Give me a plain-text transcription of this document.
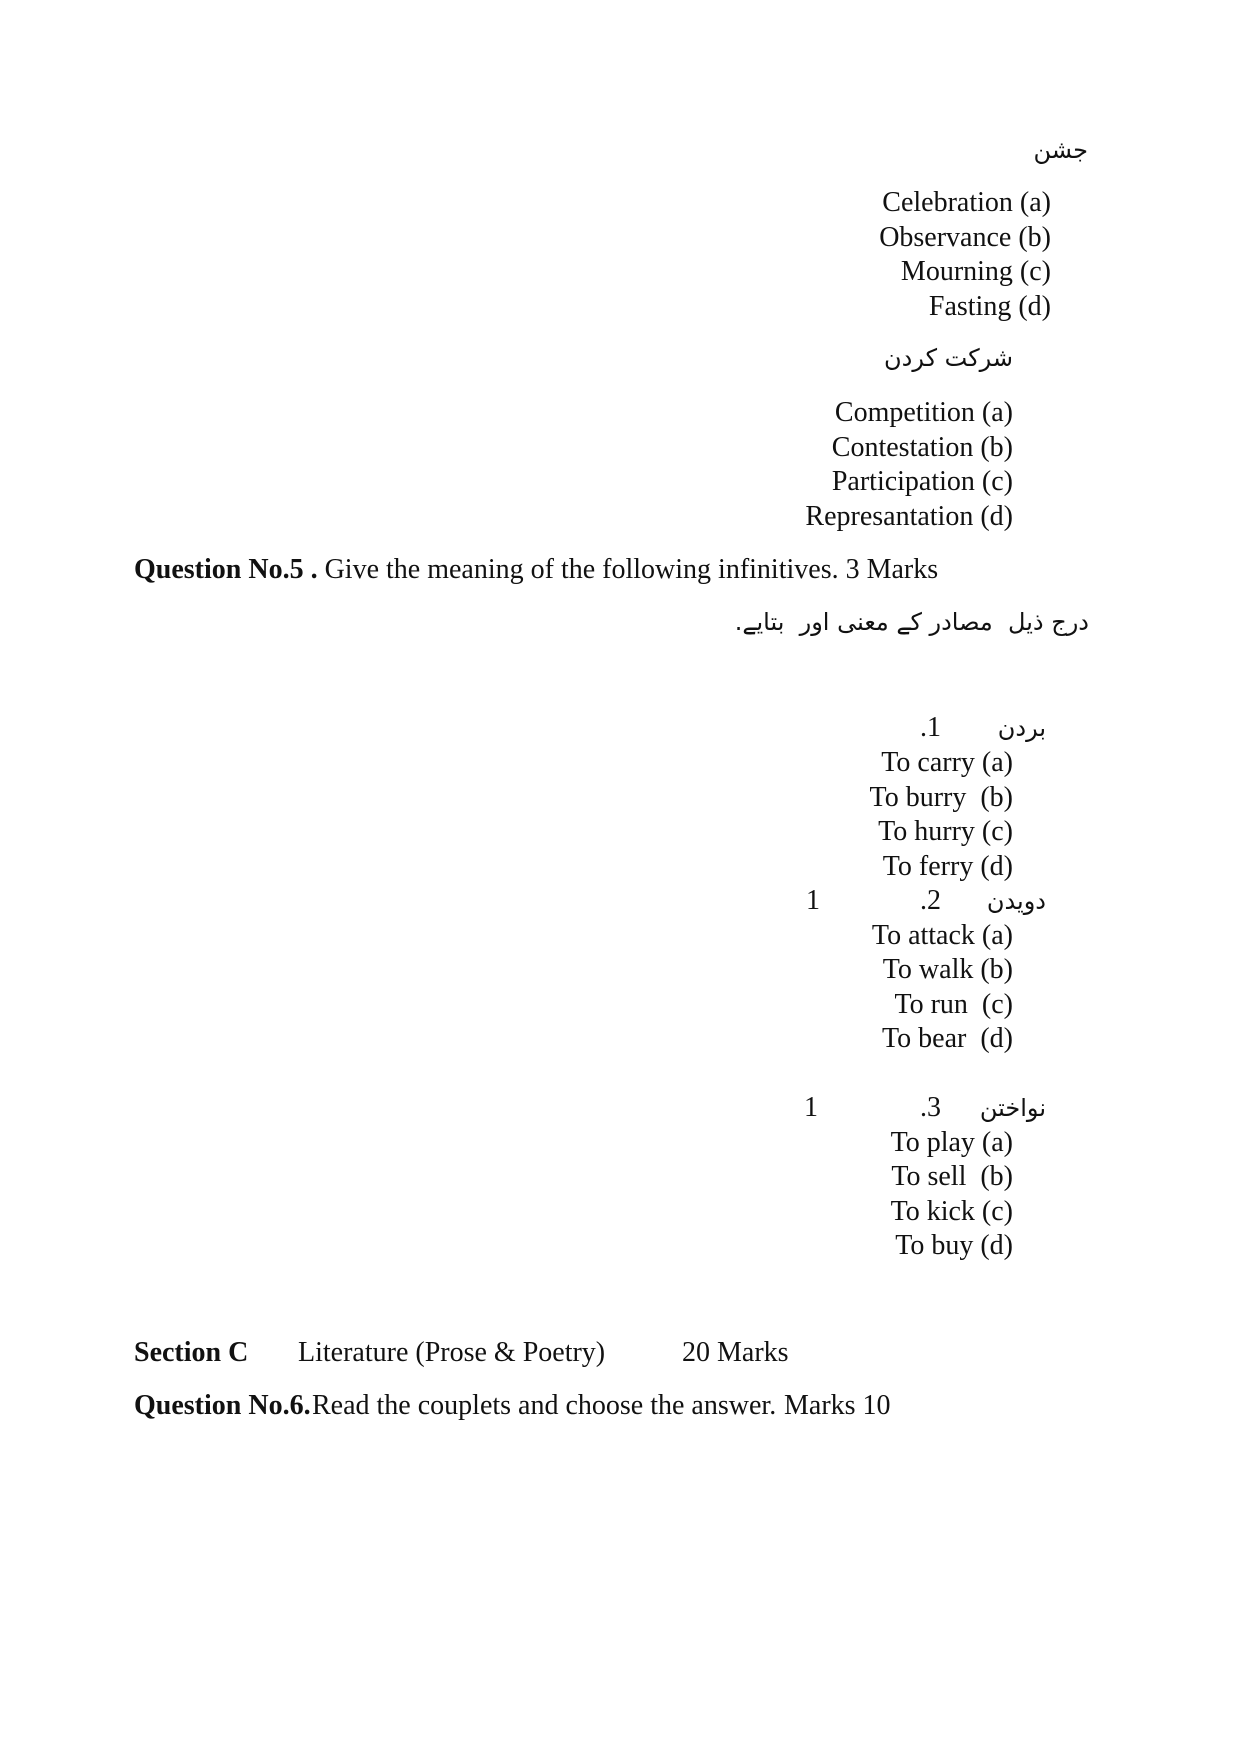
جشن
Celebration (a)
Observance (b)
Mourning (c)
Fasting (d)
شرکت کردن
Competition (a)
Contestation (b)
Participation (c)
Represantation (d)
Question No.5 . Give the meaning of the following infinitives. 3 Marks
درج ذیل  مصادر کے معنی اور  بتایے.
بردن
.1
To carry (a)
To burry (b)
To hurry (c)
To ferry (d)
1	دویدن
.2
To attack (a)
To walk (b)
To run (c)
To bear (d)
1	نواختن
.3
To play (a)
To sell (b)
To kick (c)
To buy (d)
Section C Literature (Prose & Poetry)	20 Marks
Question No.6. Read the couplets and choose the answer. Marks 10
